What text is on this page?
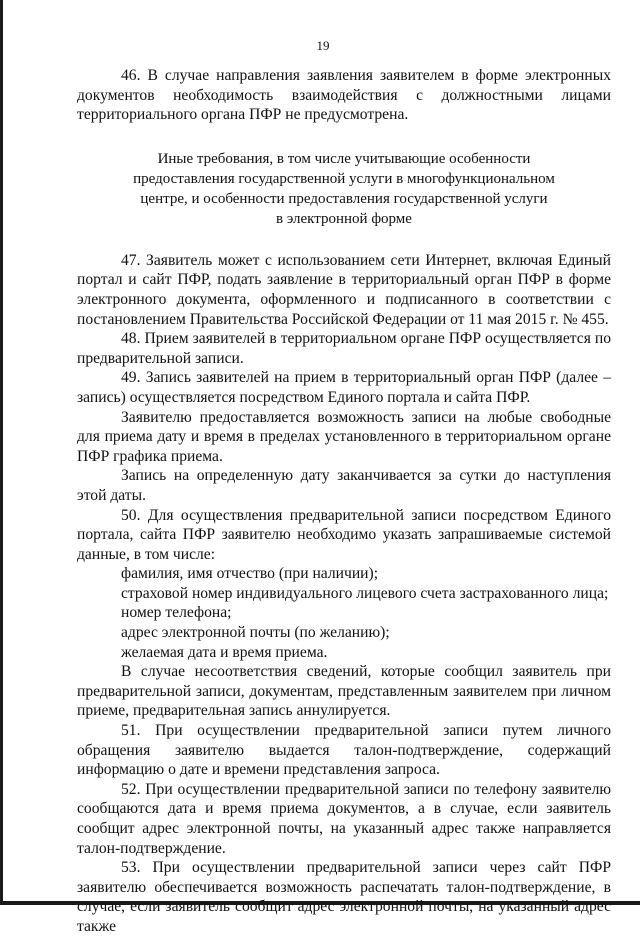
19

46. В случае направления заявления заявителем в форме электронных документов необходимость взаимодействия с должностными лицами территориального органа ПФР не предусмотрена.

Иные требования, в том числе учитывающие особенности
предоставления государственной услуги в многофункциональном
центре, и особенности предоставления государственной услуги
в электронной форме

47. Заявитель может с использованием сети Интернет, включая Единый портал и сайт ПФР, подать заявление в территориальный орган ПФР в форме электронного документа, оформленного и подписанного в соответствии с постановлением Правительства Российской Федерации от 11 мая 2015 г. № 455.

48. Прием заявителей в территориальном органе ПФР осуществляется по предварительной записи.

49. Запись заявителей на прием в территориальный орган ПФР (далее – запись) осуществляется посредством Единого портала и сайта ПФР.

Заявителю предоставляется возможность записи на любые свободные для приема дату и время в пределах установленного в территориальном органе ПФР графика приема.

Запись на определенную дату заканчивается за сутки до наступления этой даты.

50. Для осуществления предварительной записи посредством Единого портала, сайта ПФР заявителю необходимо указать запрашиваемые системой данные, в том числе:

фамилия, имя отчество (при наличии);

страховой номер индивидуального лицевого счета застрахованного лица;

номер телефона;

адрес электронной почты (по желанию);

желаемая дата и время приема.

В случае несоответствия сведений, которые сообщил заявитель при предварительной записи, документам, представленным заявителем при личном приеме, предварительная запись аннулируется.

51. При осуществлении предварительной записи путем личного обращения заявителю выдается талон-подтверждение, содержащий информацию о дате и времени представления запроса.

52. При осуществлении предварительной записи по телефону заявителю сообщаются дата и время приема документов, а в случае, если заявитель сообщит адрес электронной почты, на указанный адрес также направляется талон-подтверждение.

53. При осуществлении предварительной записи через сайт ПФР заявителю обеспечивается возможность распечатать талон-подтверждение, в случае, если заявитель сообщит адрес электронной почты, на указанный адрес также
